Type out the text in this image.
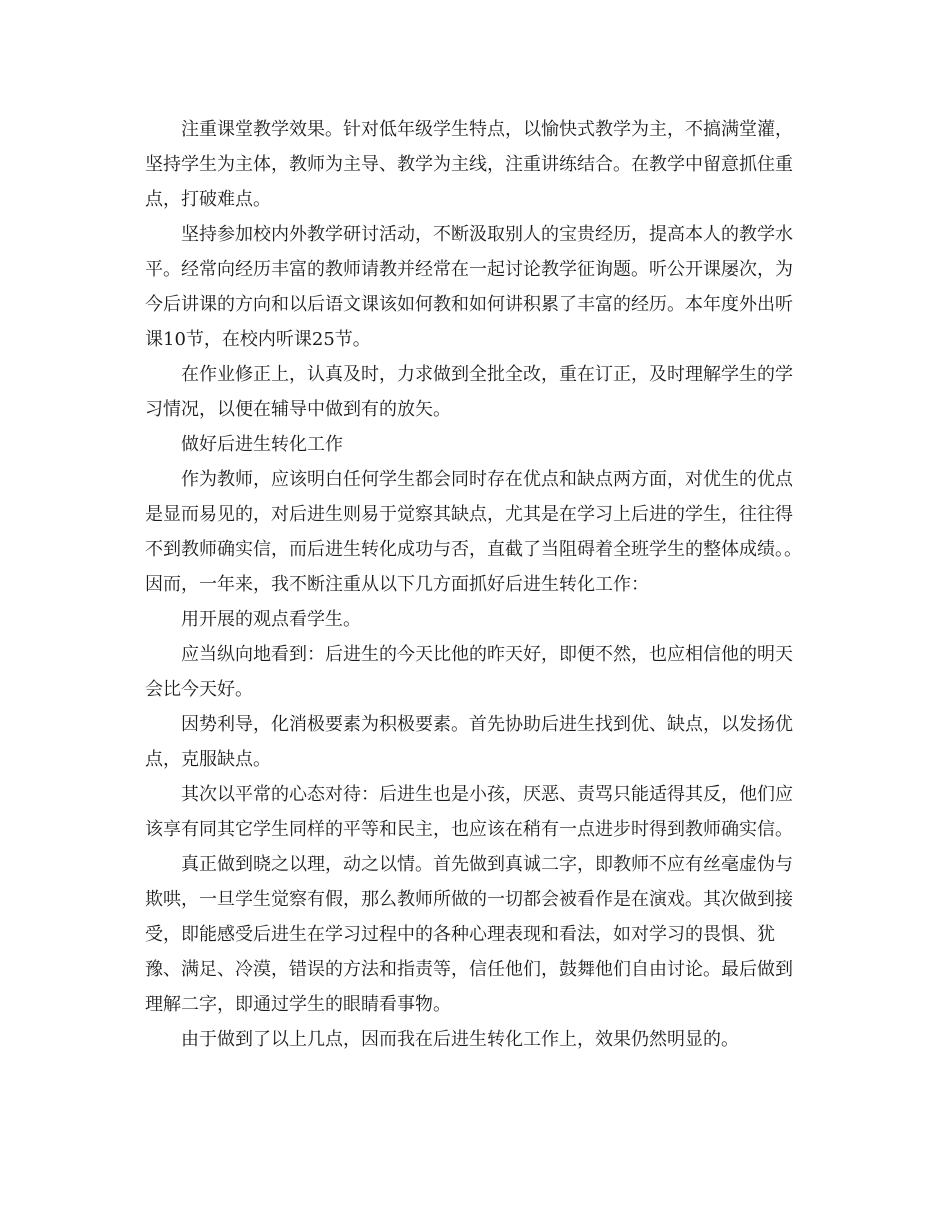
注重课堂教学效果。针对低年级学生特点，以愉快式教学为主，不搞满堂灌，坚持学生为主体，教师为主导、教学为主线，注重讲练结合。在教学中留意抓住重点，打破难点。

坚持参加校内外教学研讨活动，不断汲取别人的宝贵经历，提高本人的教学水平。经常向经历丰富的教师请教并经常在一起讨论教学征询题。听公开课屡次，为今后讲课的方向和以后语文课该如何教和如何讲积累了丰富的经历。本年度外出听课10节，在校内听课25节。

在作业修正上，认真及时，力求做到全批全改，重在订正，及时理解学生的学习情况，以便在辅导中做到有的放矢。

做好后进生转化工作

作为教师，应该明白任何学生都会同时存在优点和缺点两方面，对优生的优点是显而易见的，对后进生则易于觉察其缺点，尤其是在学习上后进的学生，往往得不到教师确实信，而后进生转化成功与否，直截了当阻碍着全班学生的整体成绩。。因而，一年来，我不断注重从以下几方面抓好后进生转化工作：

用开展的观点看学生。

应当纵向地看到：后进生的今天比他的昨天好，即便不然，也应相信他的明天会比今天好。

因势利导，化消极要素为积极要素。首先协助后进生找到优、缺点，以发扬优点，克服缺点。

其次以平常的心态对待：后进生也是小孩，厌恶、责骂只能适得其反，他们应该享有同其它学生同样的平等和民主，也应该在稍有一点进步时得到教师确实信。

真正做到晓之以理，动之以情。首先做到真诚二字，即教师不应有丝毫虚伪与欺哄，一旦学生觉察有假，那么教师所做的一切都会被看作是在演戏。其次做到接受，即能感受后进生在学习过程中的各种心理表现和看法，如对学习的畏惧、犹豫、满足、冷漠，错误的方法和指责等，信任他们，鼓舞他们自由讨论。最后做到理解二字，即通过学生的眼睛看事物。

由于做到了以上几点，因而我在后进生转化工作上，效果仍然明显的。
